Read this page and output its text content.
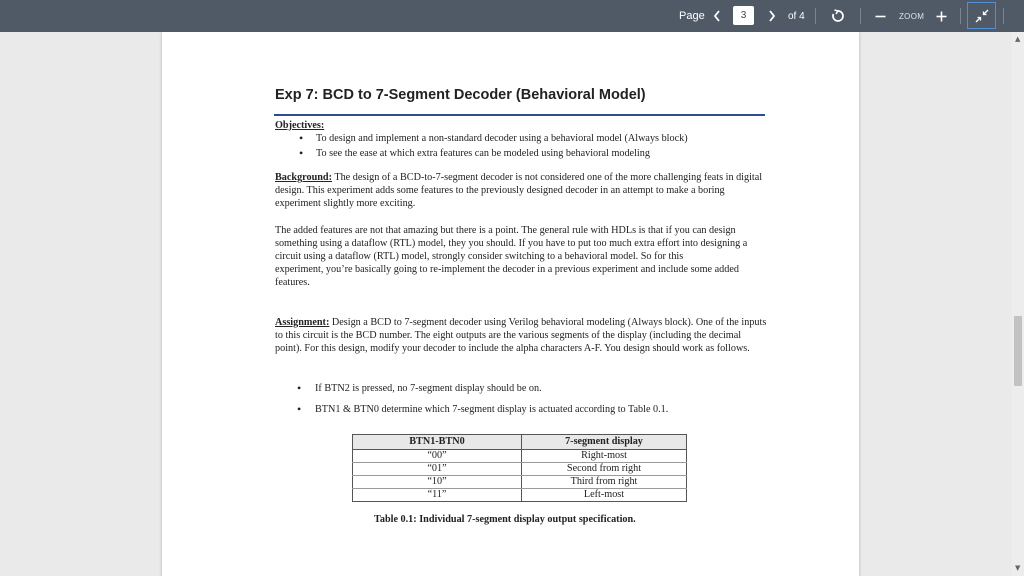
Page
3	of 4	ZOOM
Exp 7: BCD to 7-Segment Decoder (Behavioral Model)
Objectives:
• To design and implement a non-standard decoder using a behavioral model (Always block)
• To see the ease at which extra features can be modeled using behavioral modeling

Background: The design of a BCD-to-7-segment decoder is not considered one of the more challenging feats in digital design. This experiment adds some features to the previously designed decoder in an attempt to make a boring experiment slightly more exciting.

The added features are not that amazing but there is a point. The general rule with HDLs is that if you can design something using a dataflow (RTL) model, they you should. If you have to put too much extra effort into designing a circuit using a dataflow (RTL) model, strongly consider switching to a behavioral model. So for this
experiment, you’re basically going to re-implement the decoder in a previous experiment and include some added features.

Assignment: Design a BCD to 7-segment decoder using Verilog behavioral modeling (Always block). One of the inputs to this circuit is the BCD number. The eight outputs are the various segments of the display (including the decimal point). For this design, modify your decoder to include the alpha characters A-F. You design should work as follows.

• If BTN2 is pressed, no 7-segment display should be on.
• BTN1 & BTN0 determine which 7-segment display is actuated according to Table 0.1.
BTN1-BTN0	7-segment display
“00”	Right-most
“01”	Second from right
“10”	Third from right
“11”	Left-most
Table 0.1: Individual 7-segment display output specification.
▲
▼
